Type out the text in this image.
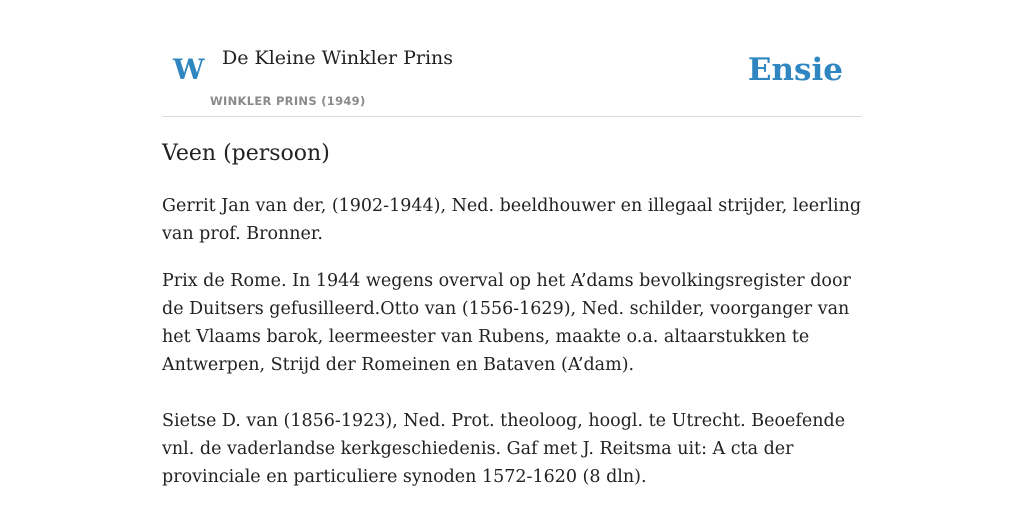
W De Kleine Winkler Prins
WINKLER PRINS (1949)
Ensie
Veen (persoon)

Gerrit Jan van der, (1902-1944), Ned. beeldhouwer en illegaal strijder, leerling van prof. Bronner.

Prix de Rome. In 1944 wegens overval op het A’dams bevolkingsregister door de Duitsers gefusilleerd.Otto van (1556-1629), Ned. schilder, voorganger van het Vlaams barok, leermeester van Rubens, maakte o.a. altaarstukken te Antwerpen, Strijd der Romeinen en Bataven (A’dam).

Sietse D. van (1856-1923), Ned. Prot. theoloog, hoogl. te Utrecht. Beoefende vnl. de vaderlandse kerkgeschiedenis. Gaf met J. Reitsma uit: A cta der provinciale en particuliere synoden 1572-1620 (8 dln).
